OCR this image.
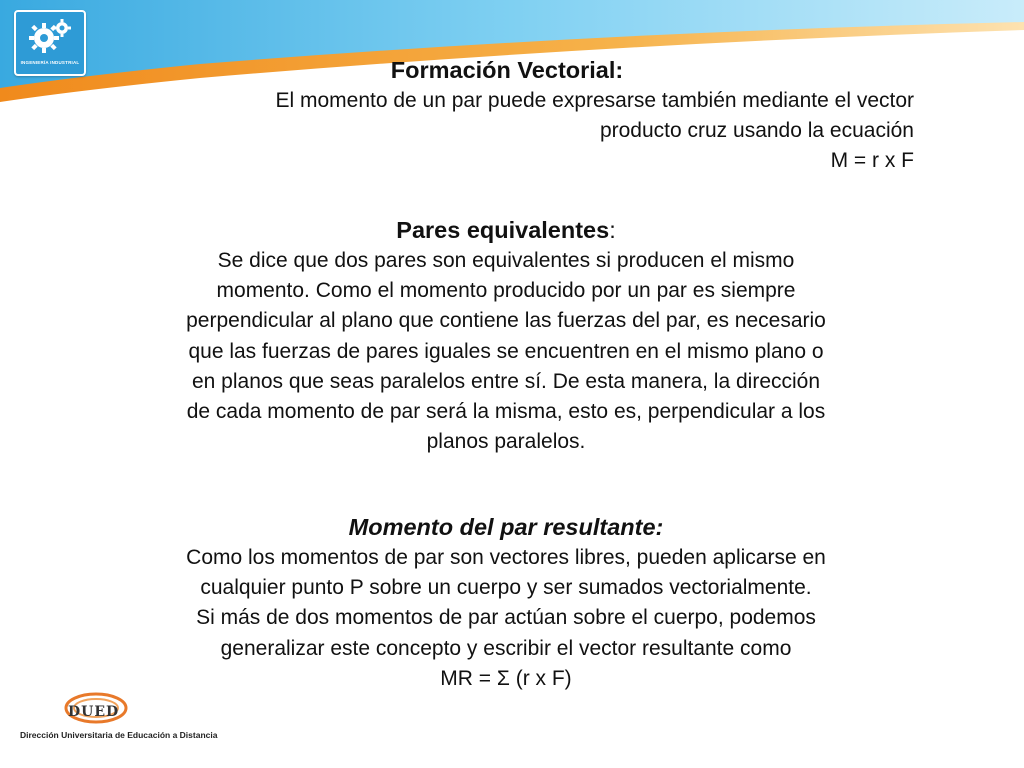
INGENIERÍA INDUSTRIAL	Formación Vectorial:

El momento de un par puede expresarse también mediante el vector

producto cruz usando la ecuación

M = r x F

Pares equivalentes:

Se dice que dos pares son equivalentes si producen el mismo

momento. Como el momento producido por un par es siempre

perpendicular al plano que contiene las fuerzas del par, es necesario

que las fuerzas de pares iguales se encuentren en el mismo plano o

en planos que seas paralelos entre sí. De esta manera, la dirección

de cada momento de par será la misma, esto es, perpendicular a los

planos paralelos.

Momento del par resultante:

Como los momentos de par son vectores libres, pueden aplicarse en

cualquier punto P sobre un cuerpo y ser sumados vectorialmente.

Si más de dos momentos de par actúan sobre el cuerpo, podemos

generalizar este concepto y escribir el vector resultante como

MR = Σ (r x F)

DUED
Dirección Universitaria de Educación a Distancia
